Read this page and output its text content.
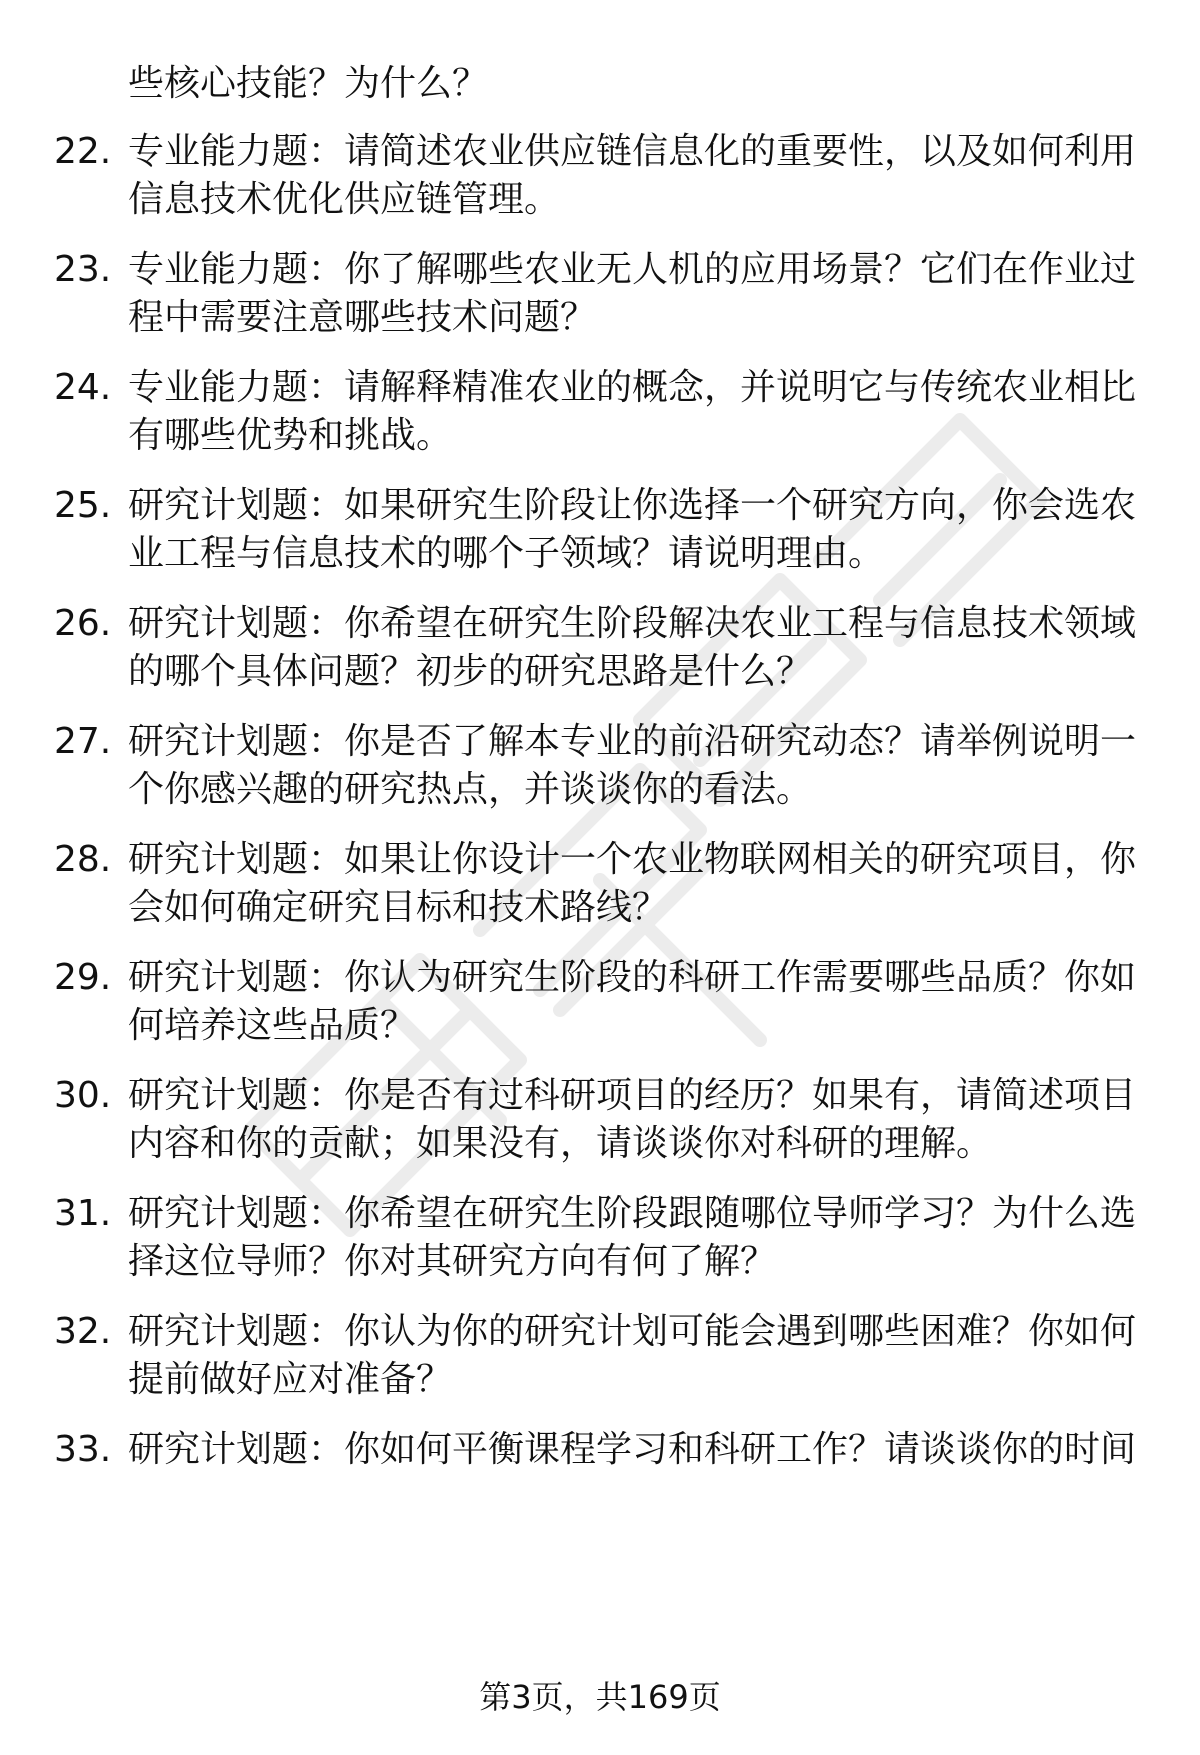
些核心技能？为什么？
22. 专业能力题：请简述农业供应链信息化的重要性，以及如何利用
信息技术优化供应链管理。
23. 专业能力题：你了解哪些农业无人机的应用场景？它们在作业过
程中需要注意哪些技术问题？
24. 专业能力题：请解释精准农业的概念，并说明它与传统农业相比
有哪些优势和挑战。
25. 研究计划题：如果研究生阶段让你选择一个研究方向，你会选农
业工程与信息技术的哪个子领域？请说明理由。
26. 研究计划题：你希望在研究生阶段解决农业工程与信息技术领域
的哪个具体问题？初步的研究思路是什么？
27. 研究计划题：你是否了解本专业的前沿研究动态？请举例说明一
个你感兴趣的研究热点，并谈谈你的看法。
28. 研究计划题：如果让你设计一个农业物联网相关的研究项目，你
会如何确定研究目标和技术路线？
29. 研究计划题：你认为研究生阶段的科研工作需要哪些品质？你如
何培养这些品质？
30. 研究计划题：你是否有过科研项目的经历？如果有，请简述项目
内容和你的贡献；如果没有，请谈谈你对科研的理解。
31. 研究计划题：你希望在研究生阶段跟随哪位导师学习？为什么选
择这位导师？你对其研究方向有何了解？
32. 研究计划题：你认为你的研究计划可能会遇到哪些困难？你如何
提前做好应对准备？
33. 研究计划题：你如何平衡课程学习和科研工作？请谈谈你的时间
第3页，共169页
